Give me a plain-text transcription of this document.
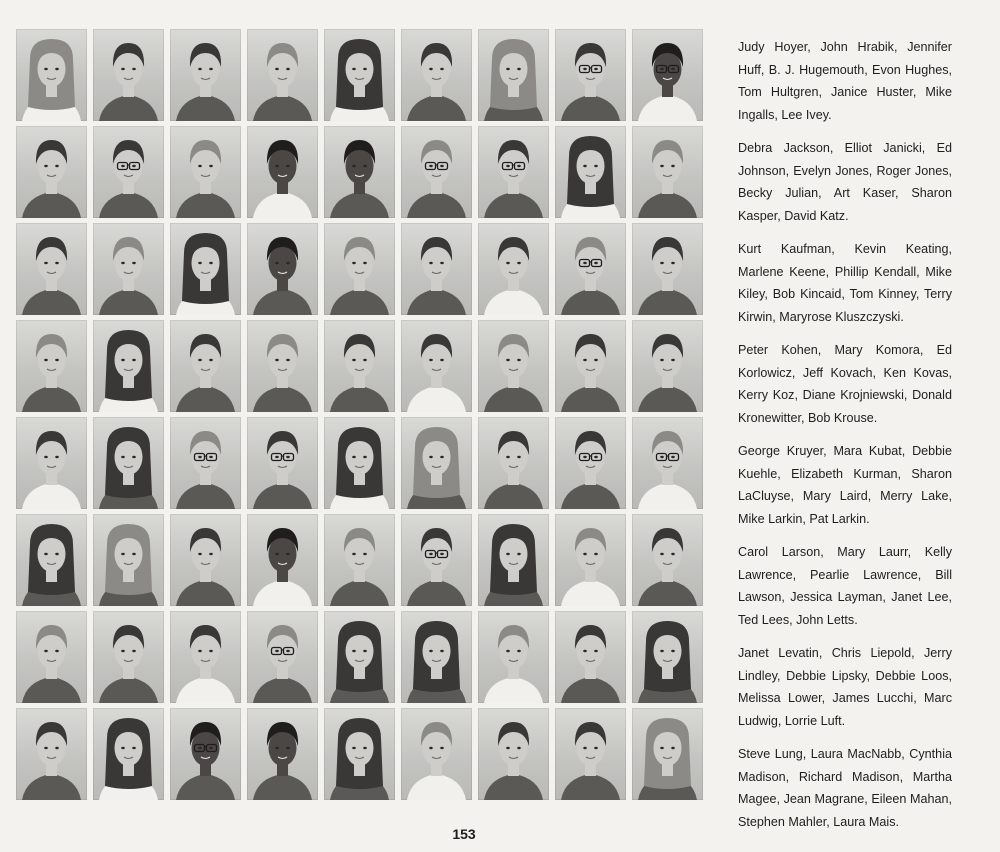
Judy Hoyer, John Hrabik, Jennifer Huff, B. J. Hugemouth, Evon Hughes, Tom Hultgren, Janice Huster, Mike Ingalls, Lee Ivey.

Debra Jackson, Elliot Janicki, Ed Johnson, Evelyn Jones, Roger Jones, Becky Julian, Art Kaser, Sharon Kasper, David Katz.

Kurt Kaufman, Kevin Keating, Marlene Keene, Phillip Kendall, Mike Kiley, Bob Kincaid, Tom Kinney, Terry Kirwin, Maryrose Kluszczyski.

Peter Kohen, Mary Komora, Ed Korlowicz, Jeff Kovach, Ken Kovas, Kerry Koz, Diane Krojniewski, Donald Kronewitter, Bob Krouse.

George Kruyer, Mara Kubat, Debbie Kuehle, Elizabeth Kurman, Sharon LaCluyse, Mary Laird, Merry Lake, Mike Larkin, Pat Larkin.

Carol Larson, Mary Laurr, Kelly Lawrence, Pearlie Lawrence, Bill Lawson, Jessica Layman, Janet Lee, Ted Lees, John Letts.

Janet Levatin, Chris Liepold, Jerry Lindley, Debbie Lipsky, Debbie Loos, Melissa Lower, James Lucchi, Marc Ludwig, Lorrie Luft.

Steve Lung, Laura MacNabb, Cynthia Madison, Richard Madison, Martha Magee, Jean Magrane, Eileen Mahan, Stephen Mahler, Laura Mais.

153
